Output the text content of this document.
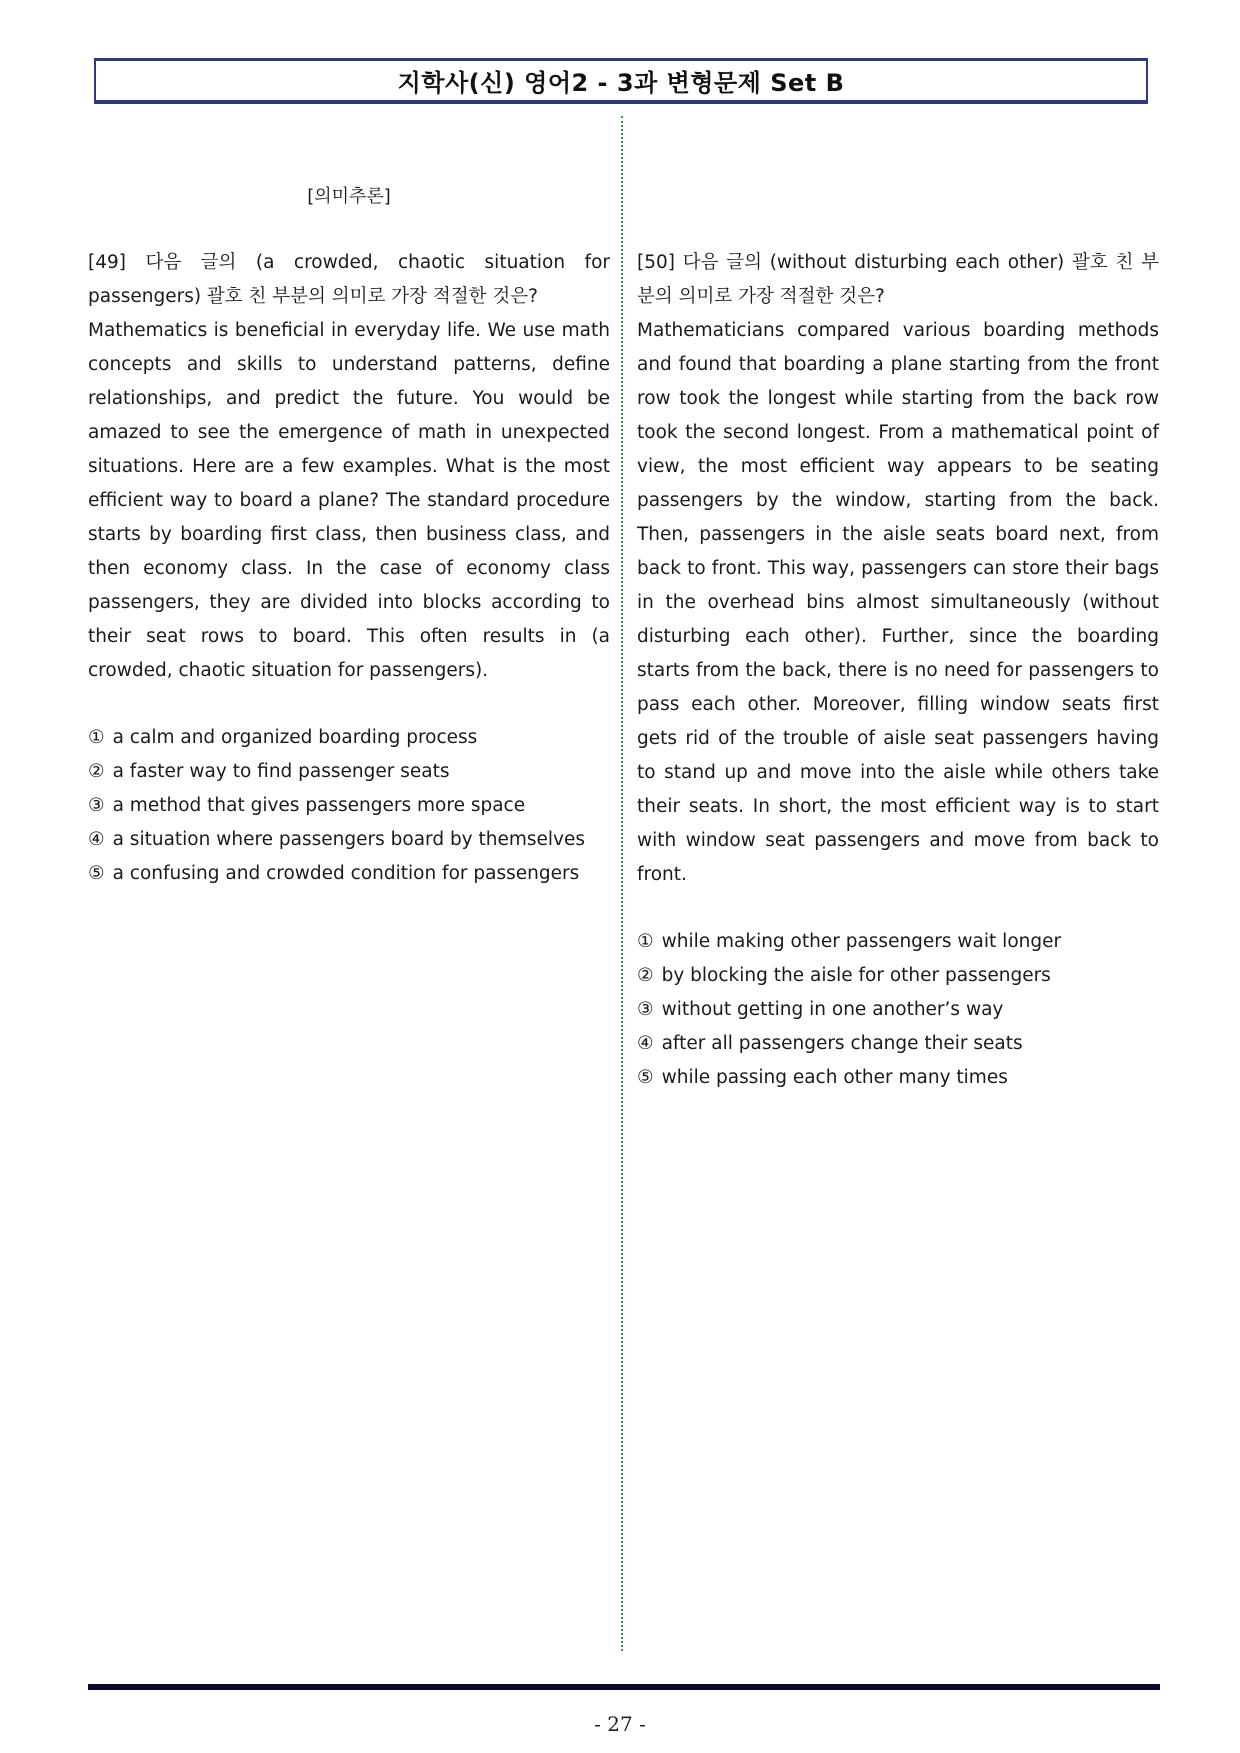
지학사(신) 영어2 - 3과 변형문제 Set B
[의미추론]
[49] 다음 글의 (a crowded, chaotic situation for passengers) 괄호 친 부분의 의미로 가장 적절한 것은?
Mathematics is beneficial in everyday life. We use math concepts and skills to understand patterns, define relationships, and predict the future. You would be amazed to see the emergence of math in unexpected situations. Here are a few examples. What is the most efficient way to board a plane? The standard procedure starts by boarding first class, then business class, and then economy class. In the case of economy class passengers, they are divided into blocks according to their seat rows to board. This often results in (a crowded, chaotic situation for passengers).
① a calm and organized boarding process
② a faster way to find passenger seats
③ a method that gives passengers more space
④ a situation where passengers board by themselves
⑤ a confusing and crowded condition for passengers
[50] 다음 글의 (without disturbing each other) 괄호 친 부분의 의미로 가장 적절한 것은?
Mathematicians compared various boarding methods and found that boarding a plane starting from the front row took the longest while starting from the back row took the second longest. From a mathematical point of view, the most efficient way appears to be seating passengers by the window, starting from the back. Then, passengers in the aisle seats board next, from back to front. This way, passengers can store their bags in the overhead bins almost simultaneously (without disturbing each other). Further, since the boarding starts from the back, there is no need for passengers to pass each other. Moreover, filling window seats first gets rid of the trouble of aisle seat passengers having to stand up and move into the aisle while others take their seats. In short, the most efficient way is to start with window seat passengers and move from back to front.
① while making other passengers wait longer
② by blocking the aisle for other passengers
③ without getting in one another’s way
④ after all passengers change their seats
⑤ while passing each other many times
- 27 -
